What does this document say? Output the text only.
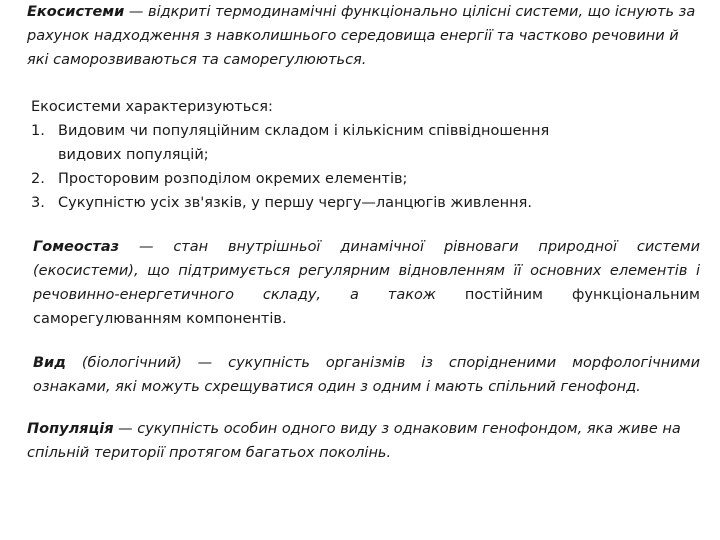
Екосистеми — відкриті термодинамічні функціонально цілісні системи, що існують за рахунок надходження з навколишнього середовища енергії та частково речовини й які саморозвиваються та саморегулюються.

Екосистеми характеризуються:
1. Видовим чи популяційним складом і кількісним співвідношення видових популяцій;
2. Просторовим розподілом окремих елементів;
3. Сукупністю усіх зв'язків, у першу чергу—ланцюгів живлення.

Гомеостаз — стан внутрішньої динамічної рівноваги природної системи (екосистеми), що підтримується регулярним відновленням її основних елементів і речовинно-енергетичного складу, а також постійним функціональним саморегулюванням компонентів.

Вид (біологічний) — сукупність організмів із спорідненими морфологічними ознаками, які можуть схрещуватися один з одним і мають спільний генофонд.

Популяція — сукупність особин одного виду з однаковим генофондом, яка живе на спільній території протягом багатьох поколінь.
